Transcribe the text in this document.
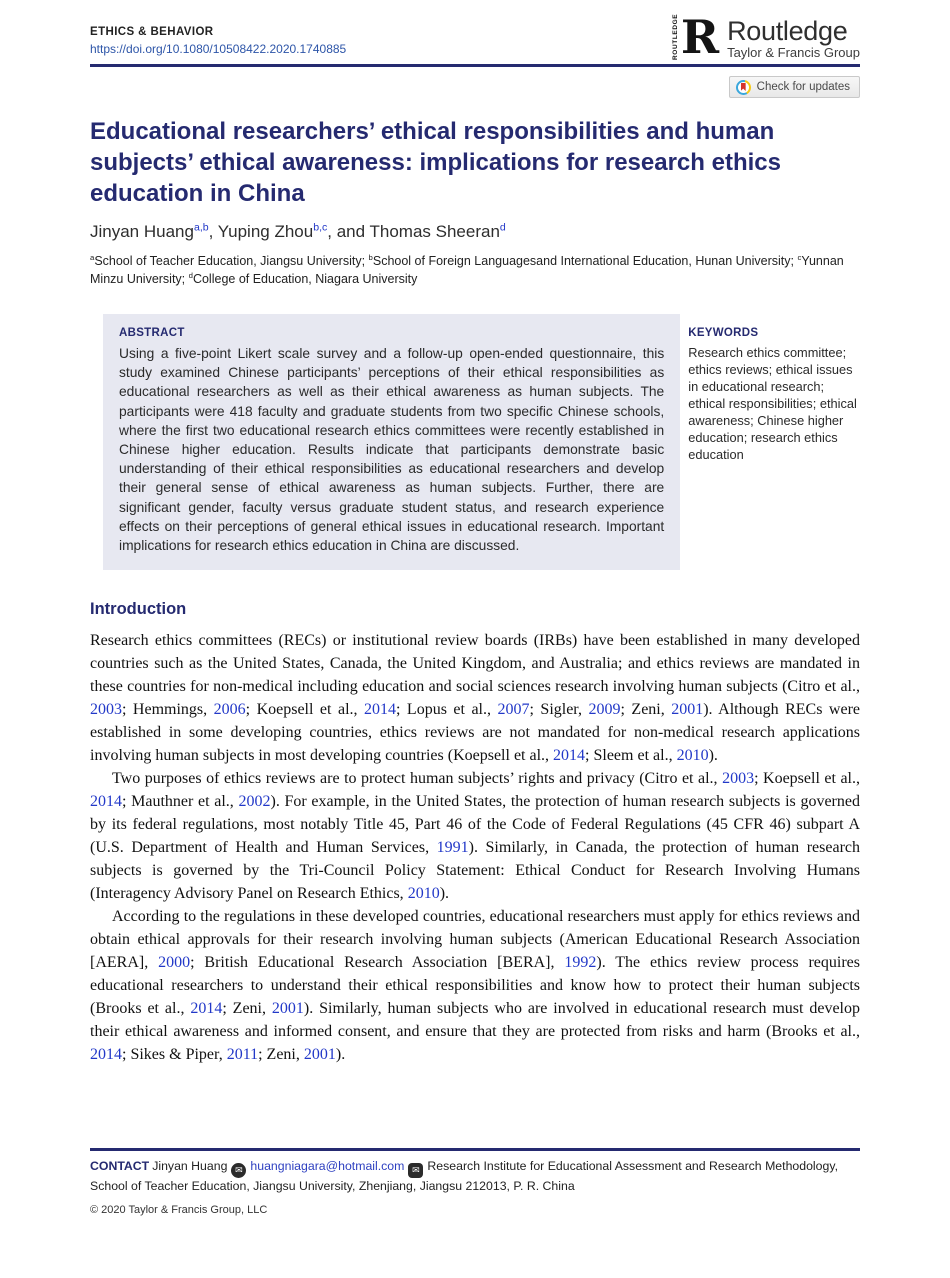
ETHICS & BEHAVIOR
https://doi.org/10.1080/10508422.2020.1740885	ROUTLEDGE R Routledge
Taylor & Francis Group
Check for updates
Educational researchers’ ethical responsibilities and human subjects’ ethical awareness: implications for research ethics education in China
Jinyan Huang$^{a,b}$, Yuping Zhou$^{b,c}$, and Thomas Sheeran$^d$
$^a$School of Teacher Education, Jiangsu University; $^b$School of Foreign Languagesand International Education, Hunan University; $^c$Yunnan Minzu University; $^d$College of Education, Niagara University
ABSTRACT
Using a five-point Likert scale survey and a follow-up open-ended questionnaire, this study examined Chinese participants’ perceptions of their ethical responsibilities as educational researchers as well as their ethical awareness as human subjects. The participants were 418 faculty and graduate students from two specific Chinese schools, where the first two educational research ethics committees were recently established in Chinese higher education. Results indicate that participants demonstrate basic understanding of their ethical responsibilities as educational researchers and develop their general sense of ethical awareness as human subjects. Further, there are significant gender, faculty versus graduate student status, and research experience effects on their perceptions of general ethical issues in educational research. Important implications for research ethics education in China are discussed.
KEYWORDS
Research ethics committee; ethics reviews; ethical issues in educational research; ethical responsibilities; ethical awareness; Chinese higher education; research ethics education
Introduction

Research ethics committees (RECs) or institutional review boards (IRBs) have been established in many developed countries such as the United States, Canada, the United Kingdom, and Australia; and ethics reviews are mandated in these countries for non-medical including education and social sciences research involving human subjects (Citro et al., 2003; Hemmings, 2006; Koepsell et al., 2014; Lopus et al., 2007; Sigler, 2009; Zeni, 2001). Although RECs were established in some developing countries, ethics reviews are not mandated for non-medical research applications involving human subjects in most developing countries (Koepsell et al., 2014; Sleem et al., 2010).

Two purposes of ethics reviews are to protect human subjects’ rights and privacy (Citro et al., 2003; Koepsell et al., 2014; Mauthner et al., 2002). For example, in the United States, the protection of human research subjects is governed by its federal regulations, most notably Title 45, Part 46 of the Code of Federal Regulations (45 CFR 46) subpart A (U.S. Department of Health and Human Services, 1991). Similarly, in Canada, the protection of human research subjects is governed by the Tri-Council Policy Statement: Ethical Conduct for Research Involving Humans (Interagency Advisory Panel on Research Ethics, 2010).

According to the regulations in these developed countries, educational researchers must apply for ethics reviews and obtain ethical approvals for their research involving human subjects (American Educational Research Association [AERA], 2000; British Educational Research Association [BERA], 1992). The ethics review process requires educational researchers to understand their ethical responsibilities and know how to protect their human subjects (Brooks et al., 2014; Zeni, 2001). Similarly, human subjects who are involved in educational research must develop their ethical awareness and informed consent, and ensure that they are protected from risks and harm (Brooks et al., 2014; Sikes & Piper, 2011; Zeni, 2001).

CONTACT Jinyan Huang ✉ huangniagara@hotmail.com ✉ Research Institute for Educational Assessment and Research Methodology, School of Teacher Education, Jiangsu University, Zhenjiang, Jiangsu 212013, P. R. China

© 2020 Taylor & Francis Group, LLC
